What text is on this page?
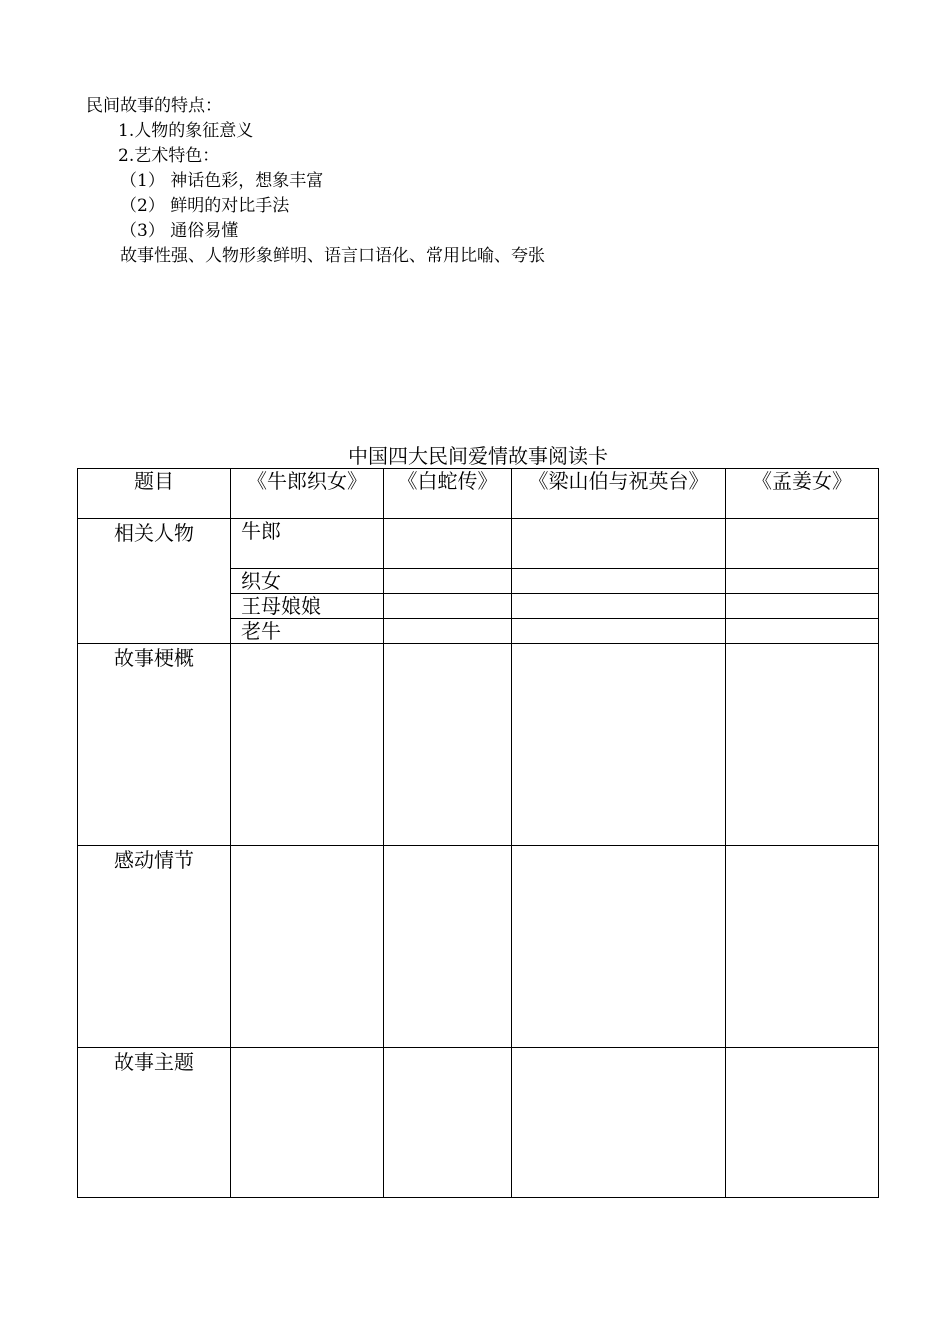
民间故事的特点：
1.人物的象征意义
2.艺术特色：
（1） 神话色彩，想象丰富
（2） 鲜明的对比手法
（3） 通俗易懂
故事性强、人物形象鲜明、语言口语化、常用比喻、夸张
中国四大民间爱情故事阅读卡
题目	《牛郎织女》	《白蛇传》	《梁山伯与祝英台》	《孟姜女》
相关人物	牛郎			
	织女			
	王母娘娘			
	老牛			
故事梗概				
感动情节				
故事主题				
